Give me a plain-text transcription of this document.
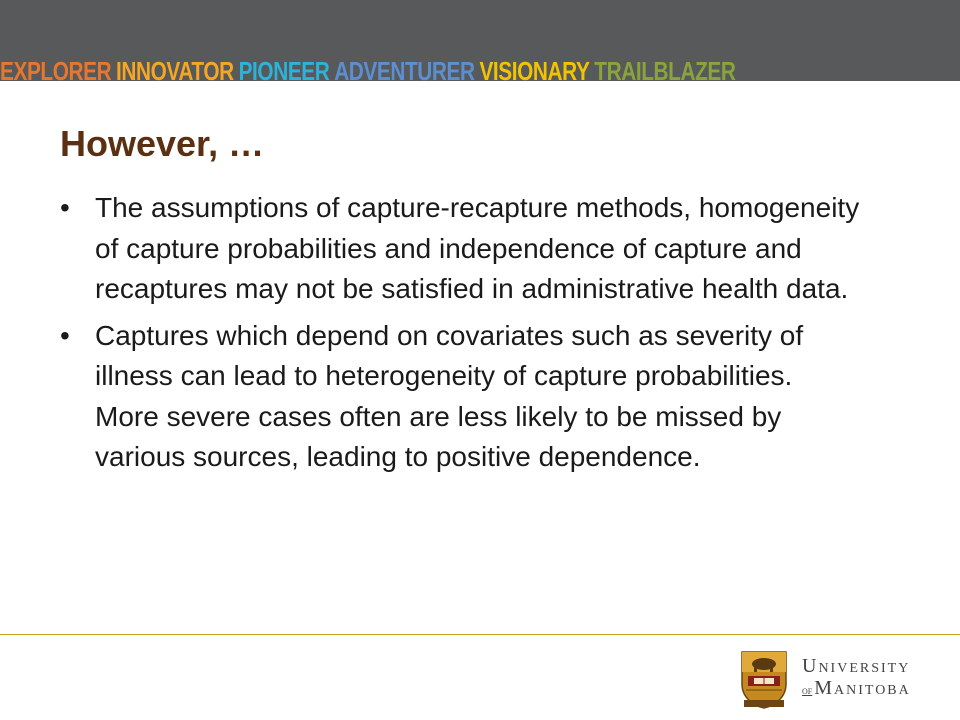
EXPLORER INNOVATOR PIONEER ADVENTURER VISIONARY TRAILBLAZER
However, …
• The assumptions of capture-recapture methods, homogeneity of capture probabilities and independence of capture and recaptures may not be satisfied in administrative health data.
• Captures which depend on covariates such as severity of illness can lead to heterogeneity of capture probabilities. More severe cases often are less likely to be missed by various sources, leading to positive dependence.
University
of Manitoba
